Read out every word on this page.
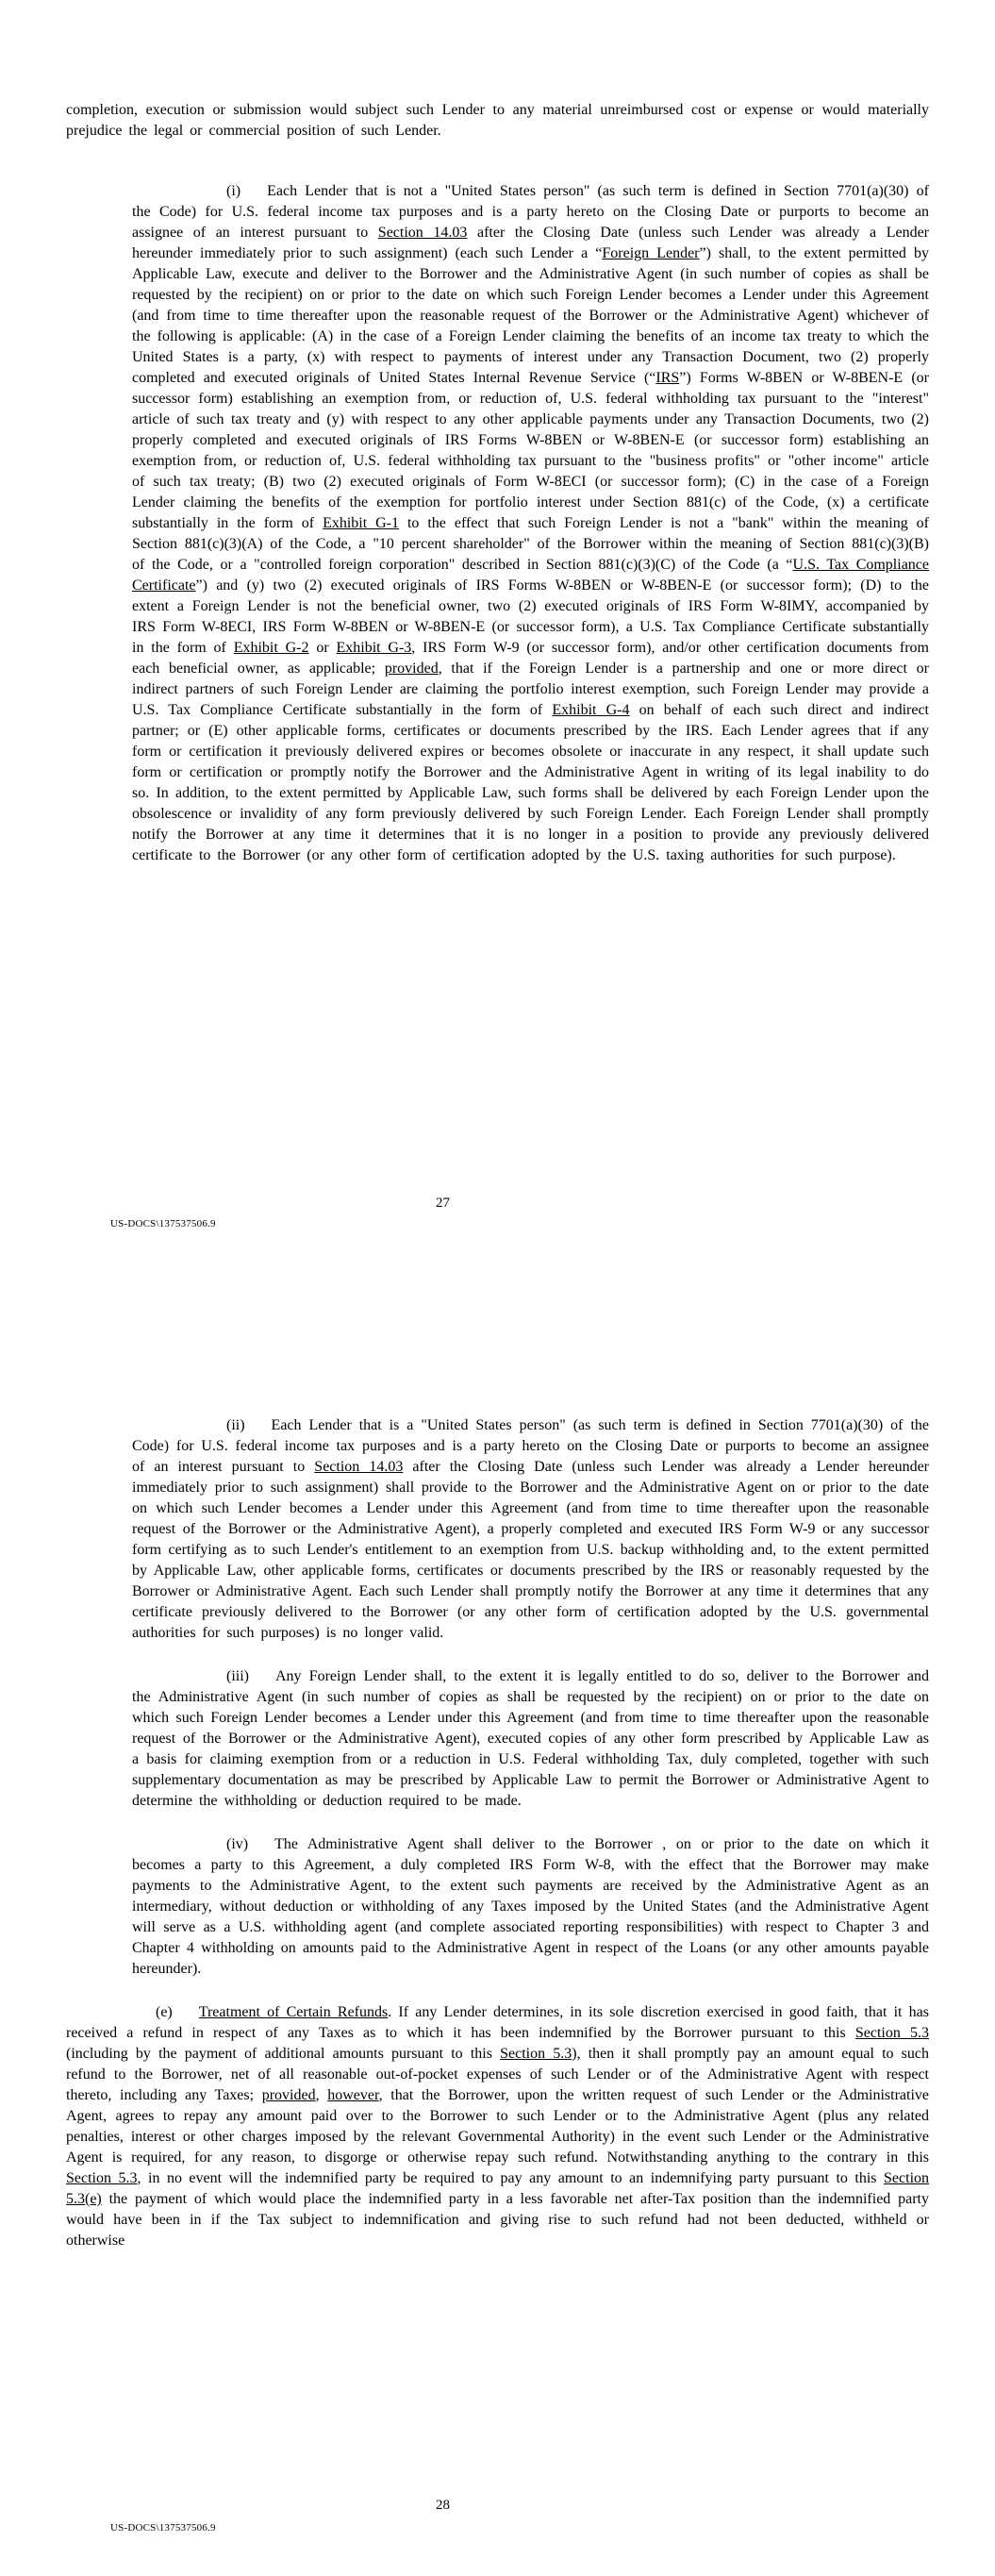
completion, execution or submission would subject such Lender to any material unreimbursed cost or expense or would materially prejudice the legal or commercial position of such Lender.

(i) Each Lender that is not a "United States person" (as such term is defined in Section 7701(a)(30) of the Code) for U.S. federal income tax purposes and is a party hereto on the Closing Date or purports to become an assignee of an interest pursuant to Section 14.03 after the Closing Date (unless such Lender was already a Lender hereunder immediately prior to such assignment) (each such Lender a “Foreign Lender”) shall, to the extent permitted by Applicable Law, execute and deliver to the Borrower and the Administrative Agent (in such number of copies as shall be requested by the recipient) on or prior to the date on which such Foreign Lender becomes a Lender under this Agreement (and from time to time thereafter upon the reasonable request of the Borrower or the Administrative Agent) whichever of the following is applicable: (A) in the case of a Foreign Lender claiming the benefits of an income tax treaty to which the United States is a party, (x) with respect to payments of interest under any Transaction Document, two (2) properly completed and executed originals of United States Internal Revenue Service (“IRS”) Forms W-8BEN or W-8BEN-E (or successor form) establishing an exemption from, or reduction of, U.S. federal withholding tax pursuant to the "interest" article of such tax treaty and (y) with respect to any other applicable payments under any Transaction Documents, two (2) properly completed and executed originals of IRS Forms W-8BEN or W-8BEN-E (or successor form) establishing an exemption from, or reduction of, U.S. federal withholding tax pursuant to the "business profits" or "other income" article of such tax treaty; (B) two (2) executed originals of Form W-8ECI (or successor form); (C) in the case of a Foreign Lender claiming the benefits of the exemption for portfolio interest under Section 881(c) of the Code, (x) a certificate substantially in the form of Exhibit G-1 to the effect that such Foreign Lender is not a "bank" within the meaning of Section 881(c)(3)(A) of the Code, a "10 percent shareholder" of the Borrower within the meaning of Section 881(c)(3)(B) of the Code, or a "controlled foreign corporation" described in Section 881(c)(3)(C) of the Code (a “U.S. Tax Compliance Certificate”) and (y) two (2) executed originals of IRS Forms W-8BEN or W-8BEN-E (or successor form); (D) to the extent a Foreign Lender is not the beneficial owner, two (2) executed originals of IRS Form W-8IMY, accompanied by IRS Form W-8ECI, IRS Form W-8BEN or W-8BEN-E (or successor form), a U.S. Tax Compliance Certificate substantially in the form of Exhibit G-2 or Exhibit G-3, IRS Form W-9 (or successor form), and/or other certification documents from each beneficial owner, as applicable; provided, that if the Foreign Lender is a partnership and one or more direct or indirect partners of such Foreign Lender are claiming the portfolio interest exemption, such Foreign Lender may provide a U.S. Tax Compliance Certificate substantially in the form of Exhibit G-4 on behalf of each such direct and indirect partner; or (E) other applicable forms, certificates or documents prescribed by the IRS. Each Lender agrees that if any form or certification it previously delivered expires or becomes obsolete or inaccurate in any respect, it shall update such form or certification or promptly notify the Borrower and the Administrative Agent in writing of its legal inability to do so. In addition, to the extent permitted by Applicable Law, such forms shall be delivered by each Foreign Lender upon the obsolescence or invalidity of any form previously delivered by such Foreign Lender. Each Foreign Lender shall promptly notify the Borrower at any time it determines that it is no longer in a position to provide any previously delivered certificate to the Borrower (or any other form of certification adopted by the U.S. taxing authorities for such purpose).

27
US-DOCS\137537506.9

(ii) Each Lender that is a "United States person" (as such term is defined in Section 7701(a)(30) of the Code) for U.S. federal income tax purposes and is a party hereto on the Closing Date or purports to become an assignee of an interest pursuant to Section 14.03 after the Closing Date (unless such Lender was already a Lender hereunder immediately prior to such assignment) shall provide to the Borrower and the Administrative Agent on or prior to the date on which such Lender becomes a Lender under this Agreement (and from time to time thereafter upon the reasonable request of the Borrower or the Administrative Agent), a properly completed and executed IRS Form W-9 or any successor form certifying as to such Lender's entitlement to an exemption from U.S. backup withholding and, to the extent permitted by Applicable Law, other applicable forms, certificates or documents prescribed by the IRS or reasonably requested by the Borrower or Administrative Agent. Each such Lender shall promptly notify the Borrower at any time it determines that any certificate previously delivered to the Borrower (or any other form of certification adopted by the U.S. governmental authorities for such purposes) is no longer valid.

(iii) Any Foreign Lender shall, to the extent it is legally entitled to do so, deliver to the Borrower and the Administrative Agent (in such number of copies as shall be requested by the recipient) on or prior to the date on which such Foreign Lender becomes a Lender under this Agreement (and from time to time thereafter upon the reasonable request of the Borrower or the Administrative Agent), executed copies of any other form prescribed by Applicable Law as a basis for claiming exemption from or a reduction in U.S. Federal withholding Tax, duly completed, together with such supplementary documentation as may be prescribed by Applicable Law to permit the Borrower or Administrative Agent to determine the withholding or deduction required to be made.

(iv) The Administrative Agent shall deliver to the Borrower , on or prior to the date on which it becomes a party to this Agreement, a duly completed IRS Form W-8, with the effect that the Borrower may make payments to the Administrative Agent, to the extent such payments are received by the Administrative Agent as an intermediary, without deduction or withholding of any Taxes imposed by the United States (and the Administrative Agent will serve as a U.S. withholding agent (and complete associated reporting responsibilities) with respect to Chapter 3 and Chapter 4 withholding on amounts paid to the Administrative Agent in respect of the Loans (or any other amounts payable hereunder).

(e) Treatment of Certain Refunds. If any Lender determines, in its sole discretion exercised in good faith, that it has received a refund in respect of any Taxes as to which it has been indemnified by the Borrower pursuant to this Section 5.3 (including by the payment of additional amounts pursuant to this Section 5.3), then it shall promptly pay an amount equal to such refund to the Borrower, net of all reasonable out-of-pocket expenses of such Lender or of the Administrative Agent with respect thereto, including any Taxes; provided, however, that the Borrower, upon the written request of such Lender or the Administrative Agent, agrees to repay any amount paid over to the Borrower to such Lender or to the Administrative Agent (plus any related penalties, interest or other charges imposed by the relevant Governmental Authority) in the event such Lender or the Administrative Agent is required, for any reason, to disgorge or otherwise repay such refund. Notwithstanding anything to the contrary in this Section 5.3, in no event will the indemnified party be required to pay any amount to an indemnifying party pursuant to this Section 5.3(e) the payment of which would place the indemnified party in a less favorable net after-Tax position than the indemnified party would have been in if the Tax subject to indemnification and giving rise to such refund had not been deducted, withheld or otherwise

28
US-DOCS\137537506.9
